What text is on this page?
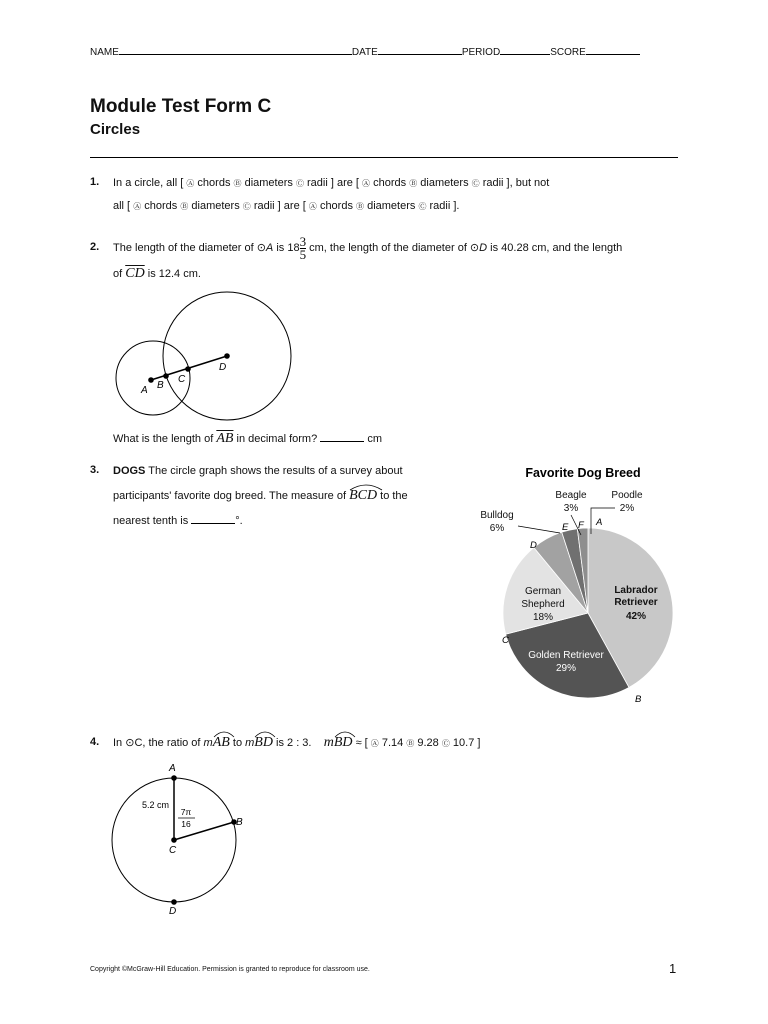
NAME	DATE	PERIOD	SCORE
Module Test Form C
Circles
1. In a circle, all [ Ⓐ chords Ⓑ diameters Ⓒ radii ] are [ Ⓐ chords Ⓑ diameters Ⓒ radii ], but not
all [ Ⓐ chords Ⓑ diameters Ⓒ radii ] are [ Ⓐ chords Ⓑ diameters Ⓒ radii ].
2. The length of the diameter of ⊙A is $18 \frac{3}{5}$ cm, the length of the diameter of ⊙D is 40.28 cm, and the length
of $\overline{CD}$ is 12.4 cm.
A B
C
D
What is the length of $\overline{AB}$ in decimal form?	cm
3. DOGS The circle graph shows the results of a survey about
participants' favorite dog breed. The measure of BCD
to the
nearest tenth is	°.
Favorite Dog Breed
Labrador
Retriever
42%
Golden Retriever
29%
German
Shepherd
18%
Bulldog
6%
Beagle
3%
Poodle
2%
A
B
C
D
E F
4. In ⊙C, the ratio of mAB
to mBD
is 2 : 3. mBD
≈ [ Ⓐ 7.14 Ⓑ 9.28 Ⓒ 10.7 ]
A
B
C
D
5.2 cm
7π
16
Copyright ©McGraw-Hill Education. Permission is granted to reproduce for classroom use.	1
